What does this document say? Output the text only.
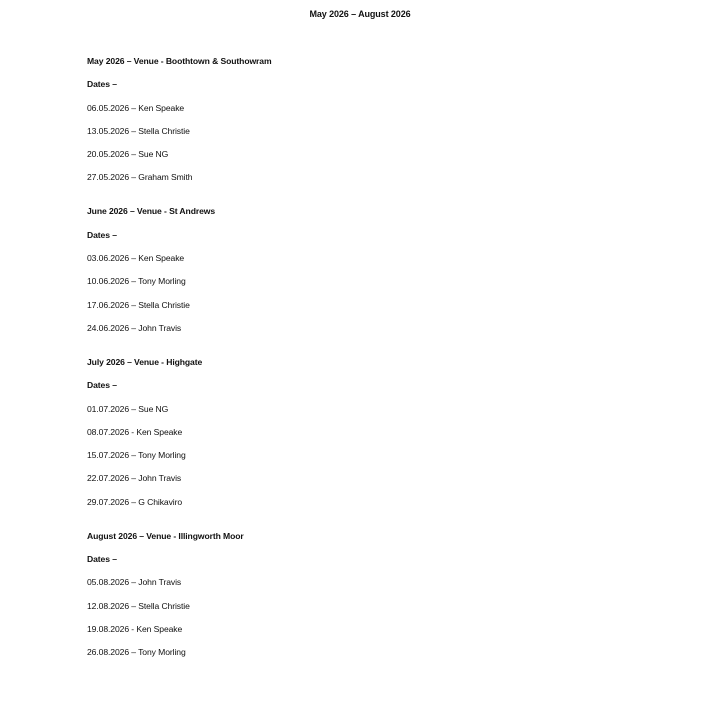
May 2026 – August 2026
May 2026 – Venue - Boothtown & Southowram
Dates –
06.05.2026 – Ken Speake
13.05.2026 – Stella Christie
20.05.2026 – Sue NG
27.05.2026 – Graham Smith
June 2026 – Venue - St Andrews
Dates –
03.06.2026 – Ken Speake
10.06.2026 – Tony Morling
17.06.2026 – Stella Christie
24.06.2026 – John Travis
July 2026 – Venue - Highgate
Dates –
01.07.2026 – Sue NG
08.07.2026 - Ken Speake
15.07.2026 – Tony Morling
22.07.2026 – John Travis
29.07.2026 – G Chikaviro
August 2026 – Venue - Illingworth Moor
Dates –
05.08.2026 – John Travis
12.08.2026 – Stella Christie
19.08.2026 - Ken Speake
26.08.2026 – Tony Morling
